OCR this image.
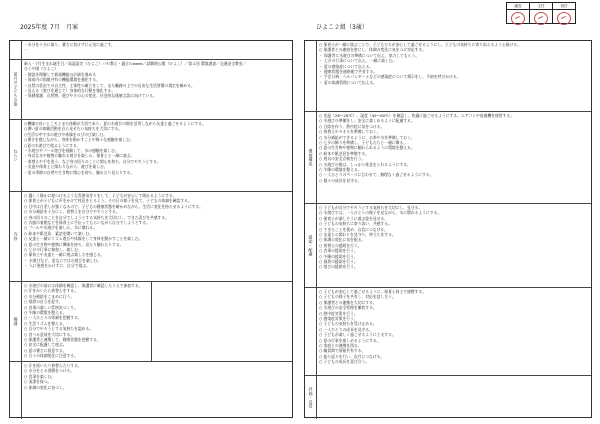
2025年度 7月 月案	ひよこ２組（3歳）
園長	主任	担任
・水分を十分に取り、暑さに負けずに元気に過ごす。
・
前月の子どもの姿
新入・7月生まれ誕生日／高温設定（ひよこ）パセ教え・適合のweek／試験期公開（ひよこ）／第４回 環境調査／交通安全教室／
ひぐや園（ひよこ）
・開設を理解して新規機能の計画を進める
・保育内の情報共有の機能環境を強化する。
・自然の状況での自主性、主体性の確立をして、また職務の上での自由な生活習慣の規定を確める。
・見える（遊びを通じて）身体的な行動を強化する。
・保健保護、自然物、遊びやその心の変化、社会的な価値言語に向けている。
ねらい
○機嫌の良いところとまた体験が大切であり、夏の水遊びの場を活用しながら友達と過ごせるようにする。
○暑い夏の体験活動を自ら見せたい気持ちを大切にする。
○生活の中で水の遊びや体操をのびのび楽しむ。
○暑さを感じながら、身体を動かすことや様々な感触を楽しむ。
○夏の水遊びで遊ぶようにする。
・水遊びやプール遊びを経験して、水の感触を楽しむ。
・身近な水や植物に触れる遊びを楽しみ、保育士と一緒に遊ぶ。
・着替えや手を洗う、など身の回りのことに関心を持ち、自分でやろうとする。
・友達や保育士と関わりながら、遊びを楽しむ。
・夏の季節の自然や生き物に関心を持ち、触れたり見たりする。
内容
○ 優しく静かに寝つけるような雰囲気作りをして、子どもが安心して眠れるようにする。
○ 保育士が子どもに声をかけて休息をとるよう、その日の様子を見て、子どもの体調を確認する。
○ 日中は日差しが強くなるので、子どもの健康状態を確かめながら、生活に変化を持たせるようにする。
○ 水分補給を十分にし、着替えを自分でやろうとする。
○ 身の回りのことを自分でしようとする気持ちを大切にし、できた喜びを共感する。
○ 衣服の着脱などを保育士に手伝ってもらいながら自分でしようとする。
○ プールや水遊びを楽しみ、水に慣れる。
○ 絵本や紙芝居、素話を聞いて楽しむ。
○ 友達と一緒にリズム遊びや体操をして身体を動かすことを楽しむ。
○ 夏の生き物や植物に興味を持ち、見たり触れたりする。
○ 七夕の行事に参加し、楽しむ。
○ 保育士や友達と一緒に遊ぶ楽しさを感じる。
・ 水遊びなど、夏ならではの遊びを楽しむ。
・ 人に迷惑をかけずに、自分で遊ぶ。
養護
○ 水遊びの前には体調を確認し、保護者に確認したうえで参加する。
○ 汗をかいたら着替えをする。
○ 水分補給をこまめに行う。
○ 排泄の自立を促す。
○ 食事の楽しい雰囲気づくり。
○ 午睡の環境を整える。
○ 一人ひとりの体調を把握する。
○ 生活リズムを整える。
○ 自分でやろうとする気持ちを認める。
○ 食べる意欲を大切にする。
○ 保護者と連携して、健康状態を把握する。
○ 安全に配慮して遊ぶ。
○ 夏の暑さに留意する。
○ 日々の体調変化に注意する。
○ 汗を拭いたり着替えたりする。
○ 水分をとる習慣をつける。
○ 食事を楽しむ。
○ 清潔を保つ。
○ 体調の変化に気づく。
○ 保育士が一緒に遊ぶことで、子どもたちが安心して過ごせるようにし、子どもの気持ちに寄り添えるよう心掛ける。
○ 保護者との連絡を密にし、体調の変化に気をつけ対応する。
・ 保護者に水遊びの準備について伝え、協力してもらう。
・ 七夕の行事について伝え、一緒に楽しむ。
・ 夏の感染症について伝える。
・ 健康状態を連絡帳で共有する。
・ 手足口病、ヘルパンギーナなどの感染症について掲示をし、予防を呼びかける。
・ 夏の体調管理について伝える。
環境構成
○ 室温（26〜28℃）、湿度（40〜60％）を確認し、快適に過ごせるようにする。エアコンや扇風機を使用する。
○ 水遊びの準備をし、安全に楽しめるように配慮する。
○ 日陰を作り、熱中症に気をつける。
○ 着替えやタオルを準備しておく。
○ 水分補給ができるように、お茶や水を準備しておく。
○ 七夕の飾りを準備し、子どもたちと一緒に飾る。
○ 夏の生き物や植物に触れられるように環境を整える。
○ 絵本や紙芝居を準備する。
○ 遊具の安全点検を行う。
○ 水遊びの後は、しっかり休息をとれるようにする。
○ 午睡の環境を整える。
○ 一人ひとりのペースに合わせて、無理なく過ごせるようにする。
○ 個々の成長を見守る。
援助・配慮
○ 子どもが自分でやろうとする気持ちを大切にし、見守る。
○ 水遊びでは、一人ひとりの様子を見ながら、水に慣れるようにする。
○ 保育士が楽しそうに遊ぶ姿を見せる。
○ 子どもの気持ちに寄り添い、共感する。
○ できたことを褒め、自信につなげる。
○ 友達との関わりを見守り、仲立ちをする。
○ 体調の変化に気を配る。
○ 着替えの援助を行う。
○ 食事の援助を行う。
○ 午睡の援助を行う。
○ 排泄の援助を行う。
○ 遊びの援助を行う。
○ 子どもが安心して過ごせるように、保育士同士で連携する。
○ 子どもの様子を共有し、対応を話し合う。
○ 保護者との連携を大切にする。
○ 水遊びの安全管理を徹底する。
○ 熱中症対策を行う。
○ 感染症対策を行う。
○ 子どもの気持ちを受け止める。
○ 一人ひとりの成長を見守る。
○ 子どもが楽しく過ごせるように工夫する。
○ 夏の行事を楽しめるようにする。
○ 家庭との連携を図る。
○ 職員間で情報共有する。
○ 振り返りを行い、次月につなげる。
○ 子どもの成長を喜び合う。
評価・反省
